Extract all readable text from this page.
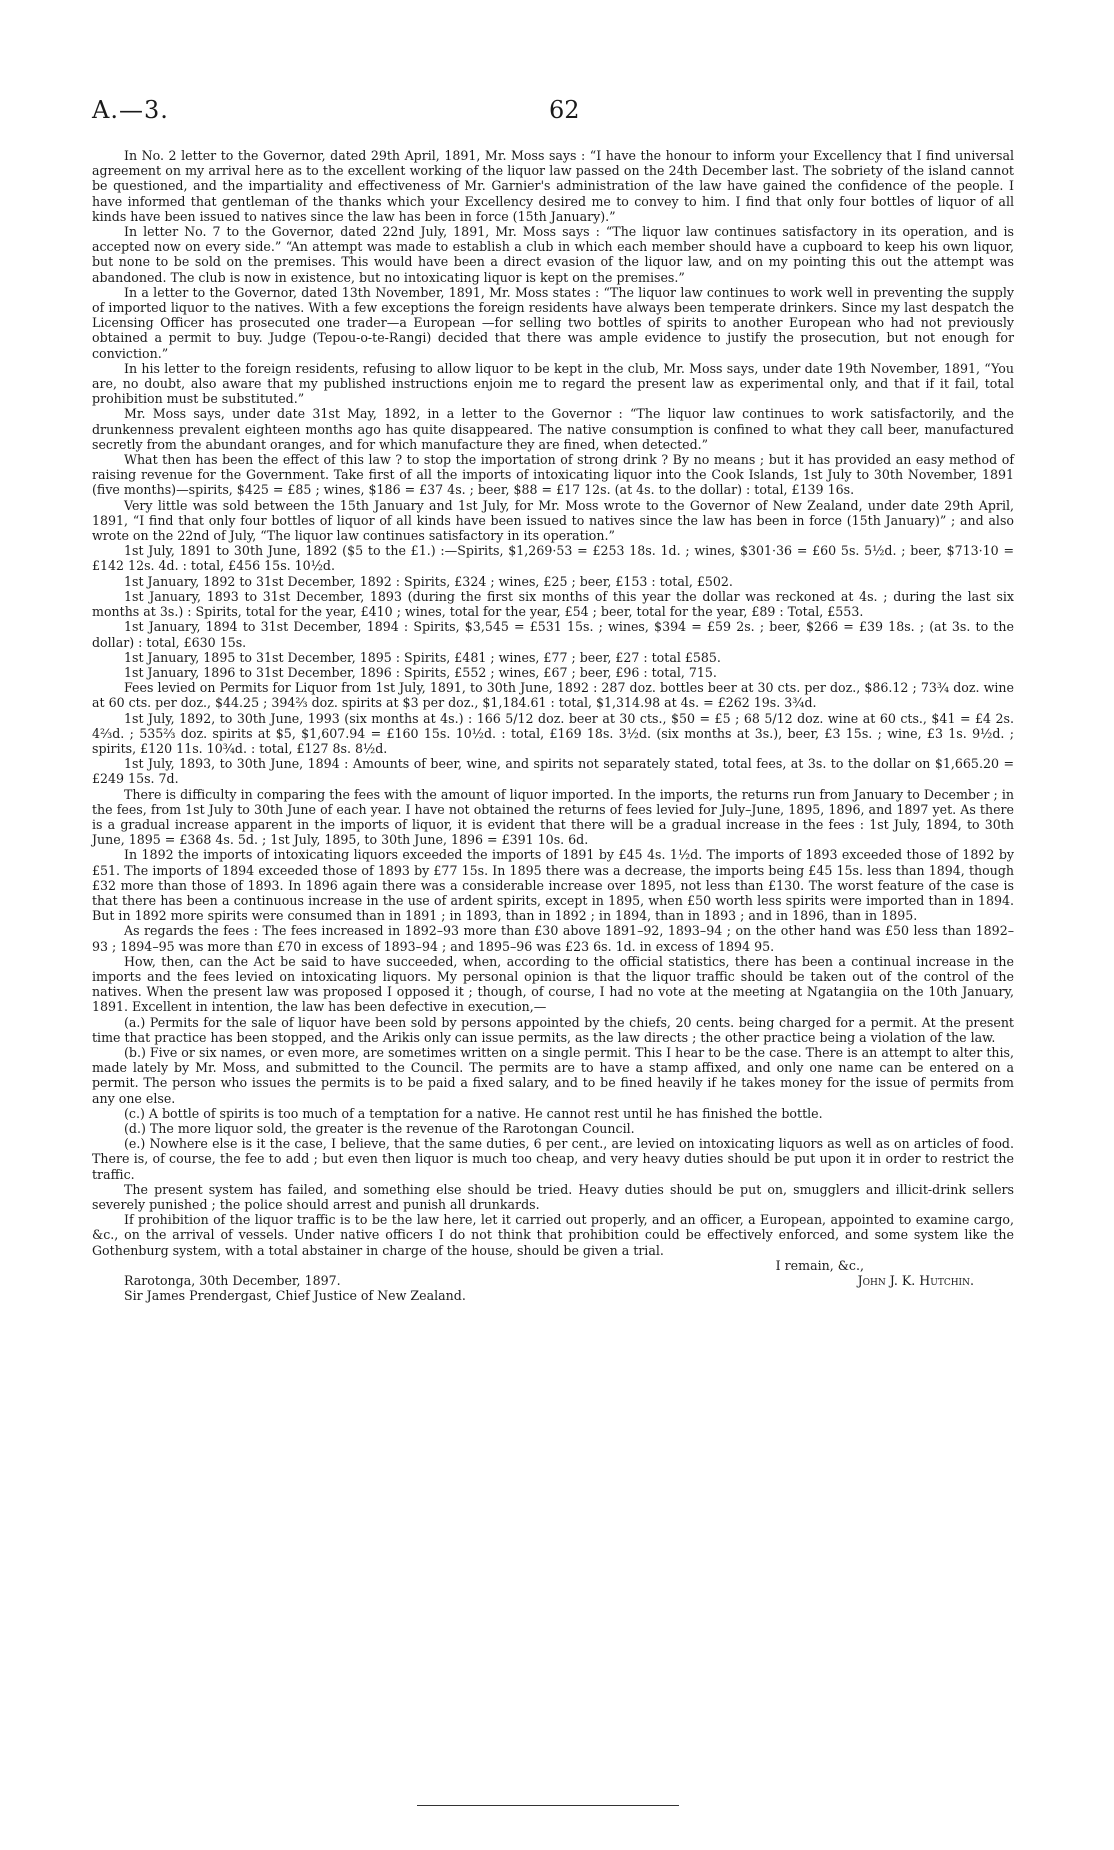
A.—3.	62

In No. 2 letter to the Governor, dated 29th April, 1891, Mr. Moss says : “I have the honour to inform your Excellency that I find universal agreement on my arrival here as to the excellent working of the liquor law passed on the 24th December last. The sobriety of the island cannot be questioned, and the impartiality and effectiveness of Mr. Garnier's administration of the law have gained the confidence of the people. I have informed that gentleman of the thanks which your Excellency desired me to convey to him. I find that only four bottles of liquor of all kinds have been issued to natives since the law has been in force (15th January).”

In letter No. 7 to the Governor, dated 22nd July, 1891, Mr. Moss says : “The liquor law continues satisfactory in its operation, and is accepted now on every side.” “An attempt was made to establish a club in which each member should have a cupboard to keep his own liquor, but none to be sold on the premises. This would have been a direct evasion of the liquor law, and on my pointing this out the attempt was abandoned. The club is now in existence, but no intoxicating liquor is kept on the premises.”

In a letter to the Governor, dated 13th November, 1891, Mr. Moss states : “The liquor law continues to work well in preventing the supply of imported liquor to the natives. With a few exceptions the foreign residents have always been temperate drinkers. Since my last despatch the Licensing Officer has prosecuted one trader—a European —for selling two bottles of spirits to another European who had not previously obtained a permit to buy. Judge (Tepou-o-te-Rangi) decided that there was ample evidence to justify the prosecution, but not enough for conviction.”

In his letter to the foreign residents, refusing to allow liquor to be kept in the club, Mr. Moss says, under date 19th November, 1891, “You are, no doubt, also aware that my published instructions enjoin me to regard the present law as experimental only, and that if it fail, total prohibition must be substituted.”

Mr. Moss says, under date 31st May, 1892, in a letter to the Governor : “The liquor law continues to work satisfactorily, and the drunkenness prevalent eighteen months ago has quite disappeared. The native consumption is confined to what they call beer, manufactured secretly from the abundant oranges, and for which manufacture they are fined, when detected.”

What then has been the effect of this law ? to stop the importation of strong drink ? By no means ; but it has provided an easy method of raising revenue for the Government. Take first of all the imports of intoxicating liquor into the Cook Islands, 1st July to 30th November, 1891 (five months)—spirits, $425 = £85 ; wines, $186 = £37 4s. ; beer, $88 = £17 12s. (at 4s. to the dollar) : total, £139 16s.

Very little was sold between the 15th January and 1st July, for Mr. Moss wrote to the Governor of New Zealand, under date 29th April, 1891, “I find that only four bottles of liquor of all kinds have been issued to natives since the law has been in force (15th January)” ; and also wrote on the 22nd of July, “The liquor law continues satisfactory in its operation.”

1st July, 1891 to 30th June, 1892 ($5 to the £1.) :—Spirits, $1,269·53 = £253 18s. 1d. ; wines, $301·36 = £60 5s. 5½d. ; beer, $713·10 = £142 12s. 4d. : total, £456 15s. 10½d.

1st January, 1892 to 31st December, 1892 : Spirits, £324 ; wines, £25 ; beer, £153 : total, £502.

1st January, 1893 to 31st December, 1893 (during the first six months of this year the dollar was reckoned at 4s. ; during the last six months at 3s.) : Spirits, total for the year, £410 ; wines, total for the year, £54 ; beer, total for the year, £89 : Total, £553.

1st January, 1894 to 31st December, 1894 : Spirits, $3,545 = £531 15s. ; wines, $394 = £59 2s. ; beer, $266 = £39 18s. ; (at 3s. to the dollar) : total, £630 15s.

1st January, 1895 to 31st December, 1895 : Spirits, £481 ; wines, £77 ; beer, £27 : total £585.

1st January, 1896 to 31st December, 1896 : Spirits, £552 ; wines, £67 ; beer, £96 : total, 715.

Fees levied on Permits for Liquor from 1st July, 1891, to 30th June, 1892 : 287 doz. bottles beer at 30 cts. per doz., $86.12 ; 73¾ doz. wine at 60 cts. per doz., $44.25 ; 394⅔ doz. spirits at $3 per doz., $1,184.61 : total, $1,314.98 at 4s. = £262 19s. 3¾d.

1st July, 1892, to 30th June, 1993 (six months at 4s.) : 166 5/12 doz. beer at 30 cts., $50 = £5 ; 68 5/12 doz. wine at 60 cts., $41 = £4 2s. 4⅔d. ; 535⅔ doz. spirits at $5, $1,607.94 = £160 15s. 10½d. : total, £169 18s. 3½d. (six months at 3s.), beer, £3 15s. ; wine, £3 1s. 9½d. ; spirits, £120 11s. 10¾d. : total, £127 8s. 8½d.

1st July, 1893, to 30th June, 1894 : Amounts of beer, wine, and spirits not separately stated, total fees, at 3s. to the dollar on $1,665.20 = £249 15s. 7d.

There is difficulty in comparing the fees with the amount of liquor imported. In the imports, the returns run from January to December ; in the fees, from 1st July to 30th June of each year. I have not obtained the returns of fees levied for July–June, 1895, 1896, and 1897 yet. As there is a gradual increase apparent in the imports of liquor, it is evident that there will be a gradual increase in the fees : 1st July, 1894, to 30th June, 1895 = £368 4s. 5d. ; 1st July, 1895, to 30th June, 1896 = £391 10s. 6d.

In 1892 the imports of intoxicating liquors exceeded the imports of 1891 by £45 4s. 1½d. The imports of 1893 exceeded those of 1892 by £51. The imports of 1894 exceeded those of 1893 by £77 15s. In 1895 there was a decrease, the imports being £45 15s. less than 1894, though £32 more than those of 1893. In 1896 again there was a considerable increase over 1895, not less than £130. The worst feature of the case is that there has been a continuous increase in the use of ardent spirits, except in 1895, when £50 worth less spirits were imported than in 1894. But in 1892 more spirits were consumed than in 1891 ; in 1893, than in 1892 ; in 1894, than in 1893 ; and in 1896, than in 1895.

As regards the fees : The fees increased in 1892–93 more than £30 above 1891–92, 1893–94 ; on the other hand was £50 less than 1892–93 ; 1894–95 was more than £70 in excess of 1893–94 ; and 1895–96 was £23 6s. 1d. in excess of 1894 95.

How, then, can the Act be said to have succeeded, when, according to the official statistics, there has been a continual increase in the imports and the fees levied on intoxicating liquors. My personal opinion is that the liquor traffic should be taken out of the control of the natives. When the present law was proposed I opposed it ; though, of course, I had no vote at the meeting at Ngatangiia on the 10th January, 1891. Excellent in intention, the law has been defective in execution,—

(a.) Permits for the sale of liquor have been sold by persons appointed by the chiefs, 20 cents. being charged for a permit. At the present time that practice has been stopped, and the Arikis only can issue permits, as the law directs ; the other practice being a violation of the law.

(b.) Five or six names, or even more, are sometimes written on a single permit. This I hear to be the case. There is an attempt to alter this, made lately by Mr. Moss, and submitted to the Council. The permits are to have a stamp affixed, and only one name can be entered on a permit. The person who issues the permits is to be paid a fixed salary, and to be fined heavily if he takes money for the issue of permits from any one else.

(c.) A bottle of spirits is too much of a temptation for a native. He cannot rest until he has finished the bottle.

(d.) The more liquor sold, the greater is the revenue of the Rarotongan Council.

(e.) Nowhere else is it the case, I believe, that the same duties, 6 per cent., are levied on intoxicating liquors as well as on articles of food. There is, of course, the fee to add ; but even then liquor is much too cheap, and very heavy duties should be put upon it in order to restrict the traffic.

The present system has failed, and something else should be tried. Heavy duties should be put on, smugglers and illicit-drink sellers severely punished ; the police should arrest and punish all drunkards.

If prohibition of the liquor traffic is to be the law here, let it carried out properly, and an officer, a European, appointed to examine cargo, &c., on the arrival of vessels. Under native officers I do not think that prohibition could be effectively enforced, and some system like the Gothenburg system, with a total abstainer in charge of the house, should be given a trial.

I remain, &c.,
Rarotonga, 30th December, 1897.	John J. K. Hutchin.
Sir James Prendergast, Chief Justice of New Zealand.
